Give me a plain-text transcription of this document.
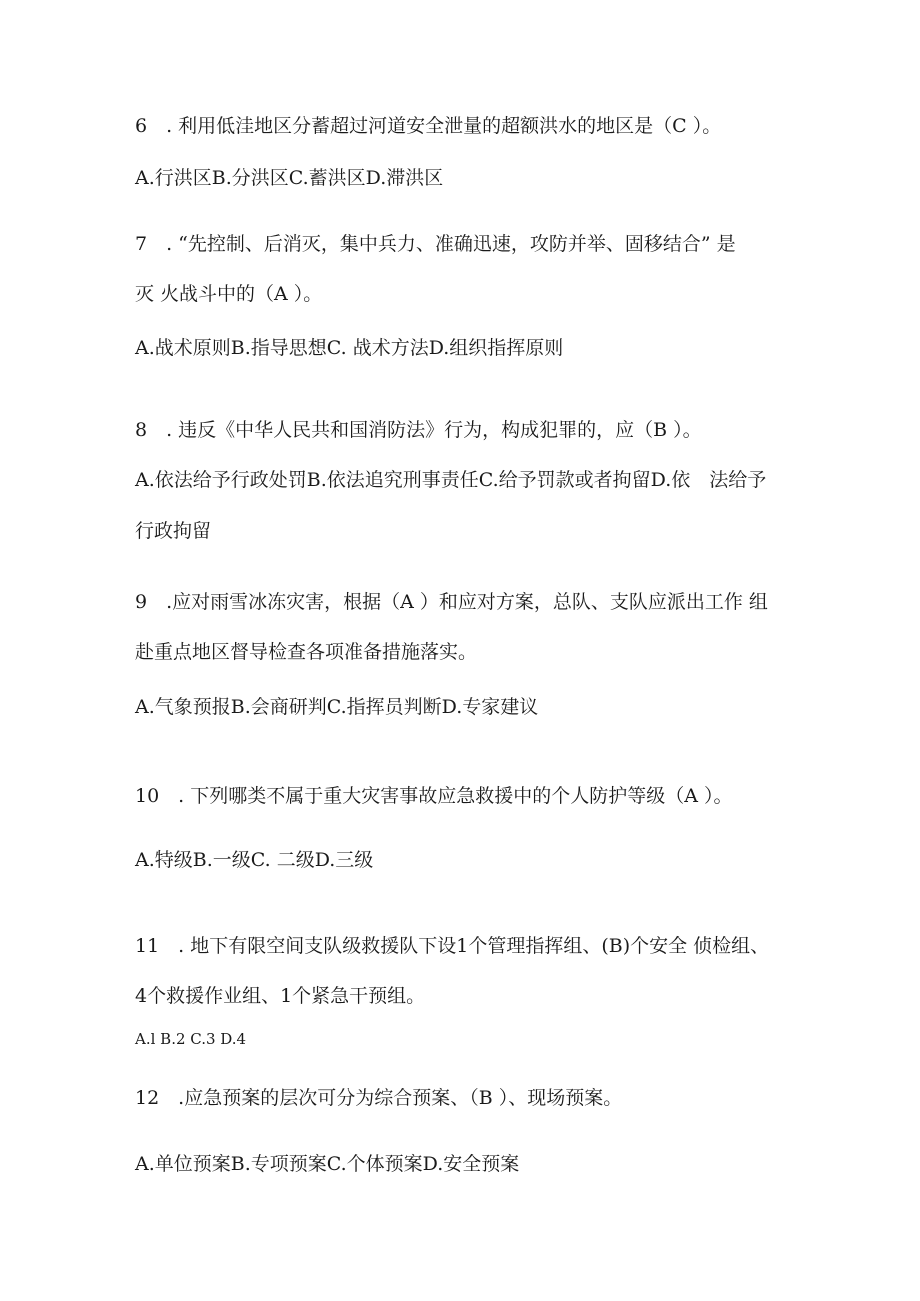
6　. 利用低洼地区分蓄超过河道安全泄量的超额洪水的地区是（C ）。
A.行洪区B.分洪区C.蓄洪区D.滞洪区
7　. “先控制、后消灭，集中兵力、准确迅速，攻防并举、固移结合” 是
灭 火战斗中的（A ）。
A.战术原则B.指导思想C. 战术方法D.组织指挥原则
8　. 违反《中华人民共和国消防法》行为，构成犯罪的，应（B ）。
A.依法给予行政处罚B.依法追究刑事责任C.给予罚款或者拘留D.依　法给予
行政拘留
9　.应对雨雪冰冻灾害，根据（A ）和应对方案，总队、支队应派出工作 组
赴重点地区督导检查各项准备措施落实。
A.气象预报B.会商研判C.指挥员判断D.专家建议
10　. 下列哪类不属于重大灾害事故应急救援中的个人防护等级（A ）。
A.特级B.一级C. 二级D.三级
11　. 地下有限空间支队级救援队下设1个管理指挥组、(B)个安全 侦检组、
4个救援作业组、1个紧急干预组。
A.l B.2 C.3 D.4
12　.应急预案的层次可分为综合预案、（B ）、现场预案。
A.单位预案B.专项预案C.个体预案D.安全预案
